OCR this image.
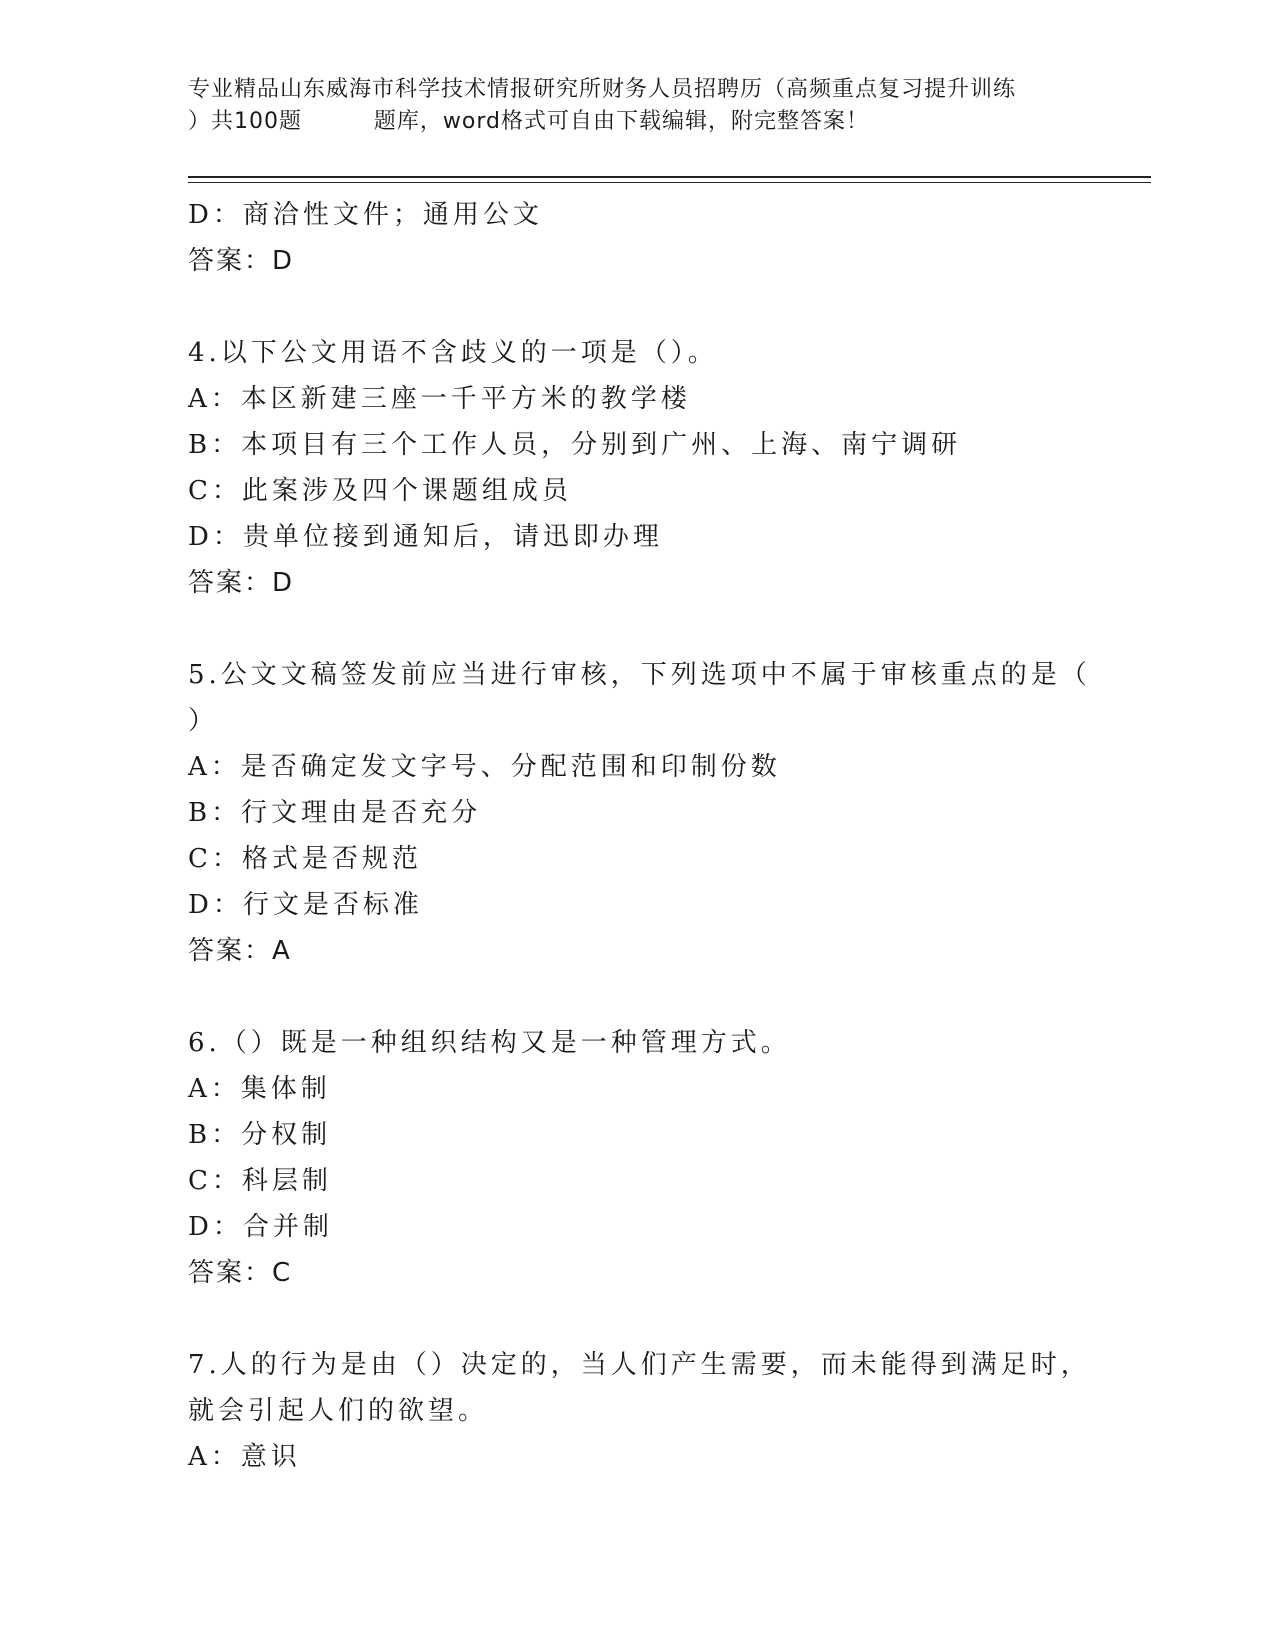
专业精品山东威海市科学技术情报研究所财务人员招聘历（高频重点复习提升训练
）共100题         题库，word格式可自由下载编辑，附完整答案！
D：商洽性文件；通用公文
答案：D
4.以下公文用语不含歧义的一项是（）。
A：本区新建三座一千平方米的教学楼
B：本项目有三个工作人员，分别到广州、上海、南宁调研
C：此案涉及四个课题组成员
D：贵单位接到通知后，请迅即办理
答案：D
5.公文文稿签发前应当进行审核，下列选项中不属于审核重点的是（
）
A：是否确定发文字号、分配范围和印制份数
B：行文理由是否充分
C：格式是否规范
D：行文是否标准
答案：A
6.（）既是一种组织结构又是一种管理方式。
A：集体制
B：分权制
C：科层制
D：合并制
答案：C
7.人的行为是由（）决定的，当人们产生需要，而未能得到满足时，
就会引起人们的欲望。
A：意识
